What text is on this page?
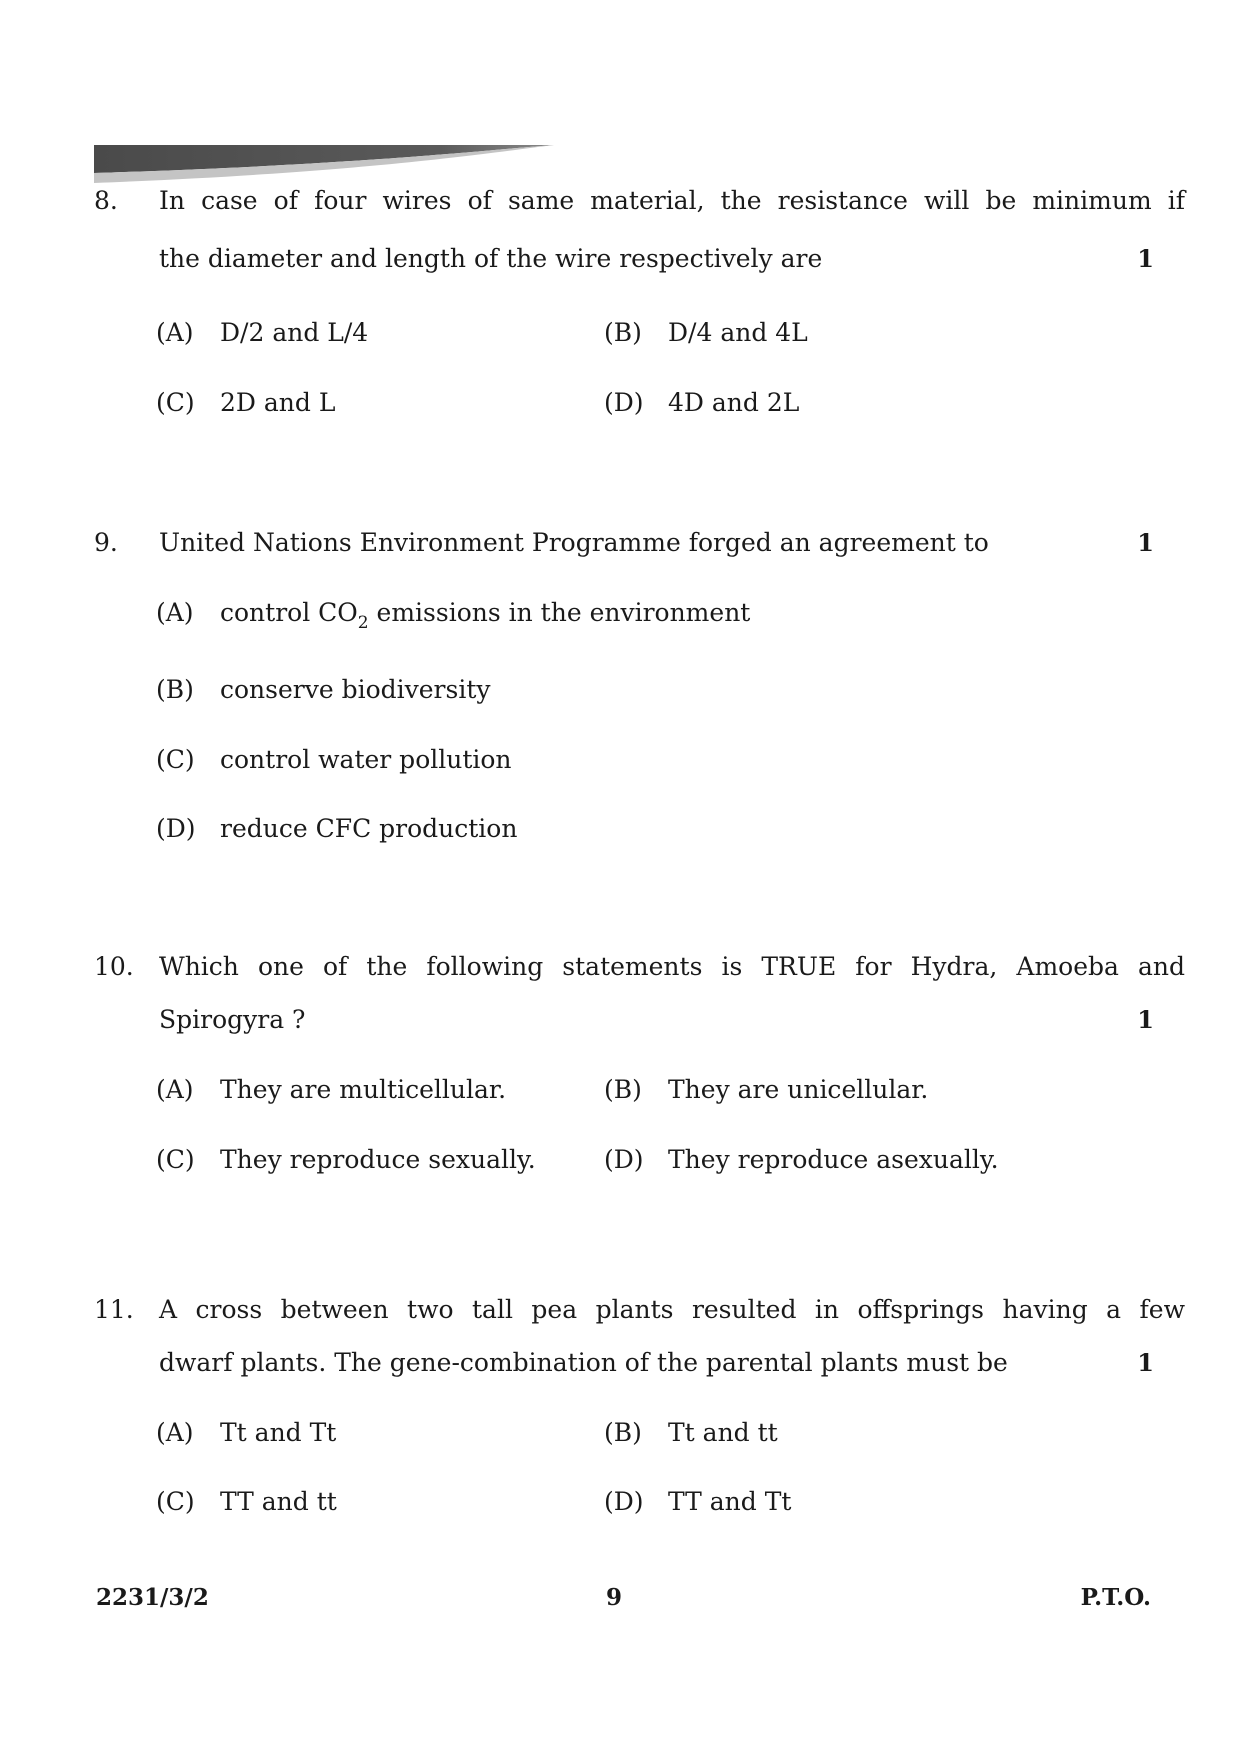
8. In case of four wires of same material, the resistance will be minimum if
the diameter and length of the wire respectively are	1
(A) D/2 and L/4	(B) D/4 and 4L
(C) 2D and L	(D) 4D and 2L
9. United Nations Environment Programme forged an agreement to	1
(A) control $CO_2$ emissions in the environment
(B) conserve biodiversity
(C) control water pollution
(D) reduce CFC production
10. Which one of the following statements is TRUE for Hydra, Amoeba and
Spirogyra ?	1
(A) They are multicellular.	(B) They are unicellular.
(C) They reproduce sexually.	(D) They reproduce asexually.
11. A cross between two tall pea plants resulted in offsprings having a few
dwarf plants. The gene-combination of the parental plants must be	1
(A) Tt and Tt	(B) Tt and tt
(C) TT and tt	(D) TT and Tt
2231/3/2	9	P.T.O.
